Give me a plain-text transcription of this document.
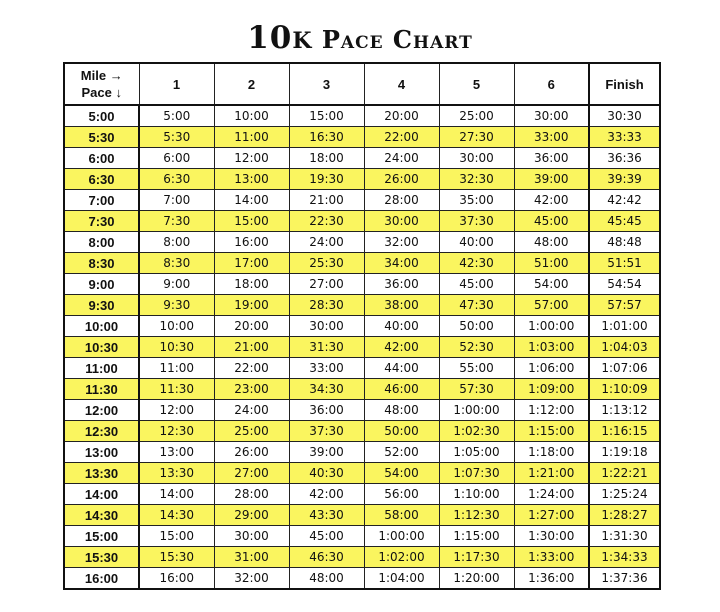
10k Pace Chart
Mile →
Pace ↓	1	2	3	4	5	6	Finish
5:00	5:00	10:00	15:00	20:00	25:00	30:00	30:30
5:30	5:30	11:00	16:30	22:00	27:30	33:00	33:33
6:00	6:00	12:00	18:00	24:00	30:00	36:00	36:36
6:30	6:30	13:00	19:30	26:00	32:30	39:00	39:39
7:00	7:00	14:00	21:00	28:00	35:00	42:00	42:42
7:30	7:30	15:00	22:30	30:00	37:30	45:00	45:45
8:00	8:00	16:00	24:00	32:00	40:00	48:00	48:48
8:30	8:30	17:00	25:30	34:00	42:30	51:00	51:51
9:00	9:00	18:00	27:00	36:00	45:00	54:00	54:54
9:30	9:30	19:00	28:30	38:00	47:30	57:00	57:57
10:00	10:00	20:00	30:00	40:00	50:00	1:00:00	1:01:00
10:30	10:30	21:00	31:30	42:00	52:30	1:03:00	1:04:03
11:00	11:00	22:00	33:00	44:00	55:00	1:06:00	1:07:06
11:30	11:30	23:00	34:30	46:00	57:30	1:09:00	1:10:09
12:00	12:00	24:00	36:00	48:00	1:00:00	1:12:00	1:13:12
12:30	12:30	25:00	37:30	50:00	1:02:30	1:15:00	1:16:15
13:00	13:00	26:00	39:00	52:00	1:05:00	1:18:00	1:19:18
13:30	13:30	27:00	40:30	54:00	1:07:30	1:21:00	1:22:21
14:00	14:00	28:00	42:00	56:00	1:10:00	1:24:00	1:25:24
14:30	14:30	29:00	43:30	58:00	1:12:30	1:27:00	1:28:27
15:00	15:00	30:00	45:00	1:00:00	1:15:00	1:30:00	1:31:30
15:30	15:30	31:00	46:30	1:02:00	1:17:30	1:33:00	1:34:33
16:00	16:00	32:00	48:00	1:04:00	1:20:00	1:36:00	1:37:36
